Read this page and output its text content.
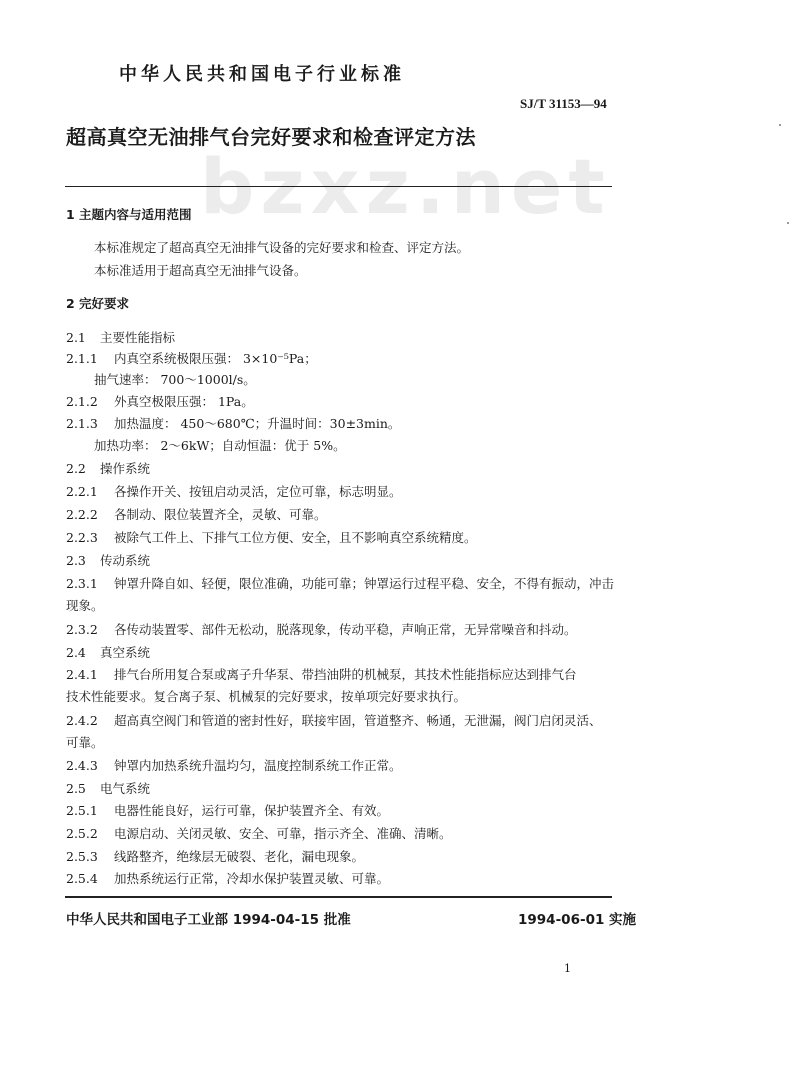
bzxz.net
中华人民共和国电子行业标准
SJ/T 31153—94
超高真空无油排气台完好要求和检查评定方法
1 主题内容与适用范围
本标准规定了超高真空无油排气设备的完好要求和检查、评定方法。
本标准适用于超高真空无油排气设备。
2 完好要求
2.1 主要性能指标
2.1.1 内真空系统极限压强： 3×10⁻⁵Pa；
抽气速率： 700～1000l/s。
2.1.2 外真空极限压强： 1Pa。
2.1.3 加热温度： 450～680℃；升温时间：30±3min。
加热功率： 2～6kW；自动恒温：优于 5%。
2.2 操作系统
2.2.1 各操作开关、按钮启动灵活，定位可靠，标志明显。
2.2.2 各制动、限位装置齐全，灵敏、可靠。
2.2.3 被除气工件上、下排气工位方便、安全，且不影响真空系统精度。
2.3 传动系统
2.3.1 钟罩升降自如、轻便，限位准确，功能可靠；钟罩运行过程平稳、安全，不得有振动，冲击
现象。
2.3.2 各传动装置零、部件无松动，脱落现象，传动平稳，声响正常，无异常噪音和抖动。
2.4 真空系统
2.4.1 排气台所用复合泵或离子升华泵、带挡油阱的机械泵，其技术性能指标应达到排气台
技术性能要求。复合离子泵、机械泵的完好要求，按单项完好要求执行。
2.4.2 超高真空阀门和管道的密封性好，联接牢固，管道整齐、畅通，无泄漏，阀门启闭灵活、
可靠。
2.4.3 钟罩内加热系统升温均匀，温度控制系统工作正常。
2.5 电气系统
2.5.1 电器性能良好，运行可靠，保护装置齐全、有效。
2.5.2 电源启动、关闭灵敏、安全、可靠，指示齐全、准确、清晰。
2.5.3 线路整齐，绝缘层无破裂、老化，漏电现象。
2.5.4 加热系统运行正常，冷却水保护装置灵敏、可靠。
中华人民共和国电子工业部 1994-04-15 批准	1994-06-01 实施
1
